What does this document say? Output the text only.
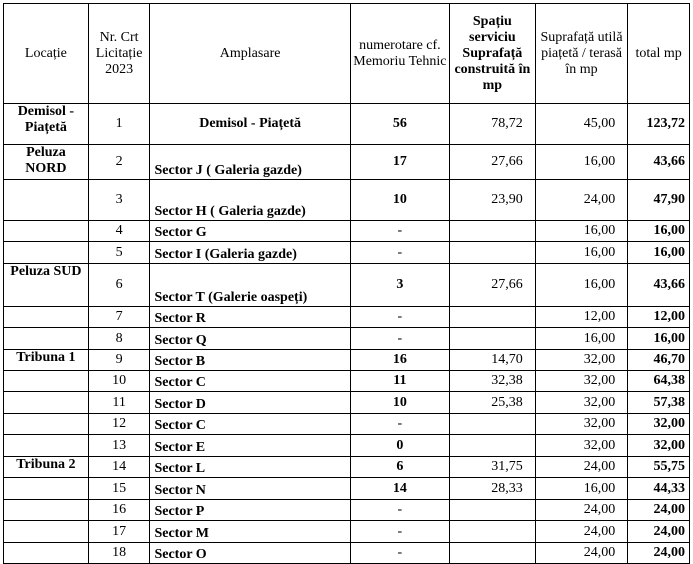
Locație	Nr. Crt Licitație 2023	Amplasare	numerotare cf. Memoriu Tehnic	Spațiu serviciu Suprafață construită în mp	Suprafață utilă piațetă / terasă în mp	total mp
Demisol - Piațetă	1	Demisol - Piațetă	56	78,72	45,00	123,72
Peluza NORD	2	Sector J ( Galeria gazde)	17	27,66	16,00	43,66
	3	Sector H ( Galeria gazde)	10	23,90	24,00	47,90
	4	Sector G	-		16,00	16,00
	5	Sector I (Galeria gazde)	-		16,00	16,00
Peluza SUD	6	Sector T (Galerie oaspeți)	3	27,66	16,00	43,66
	7	Sector R	-		12,00	12,00
	8	Sector Q	-		16,00	16,00
Tribuna 1	9	Sector B	16	14,70	32,00	46,70
	10	Sector C	11	32,38	32,00	64,38
	11	Sector D	10	25,38	32,00	57,38
	12	Sector C	-		32,00	32,00
	13	Sector E	0		32,00	32,00
Tribuna 2	14	Sector L	6	31,75	24,00	55,75
	15	Sector N	14	28,33	16,00	44,33
	16	Sector P	-		24,00	24,00
	17	Sector M	-		24,00	24,00
	18	Sector O	-		24,00	24,00
